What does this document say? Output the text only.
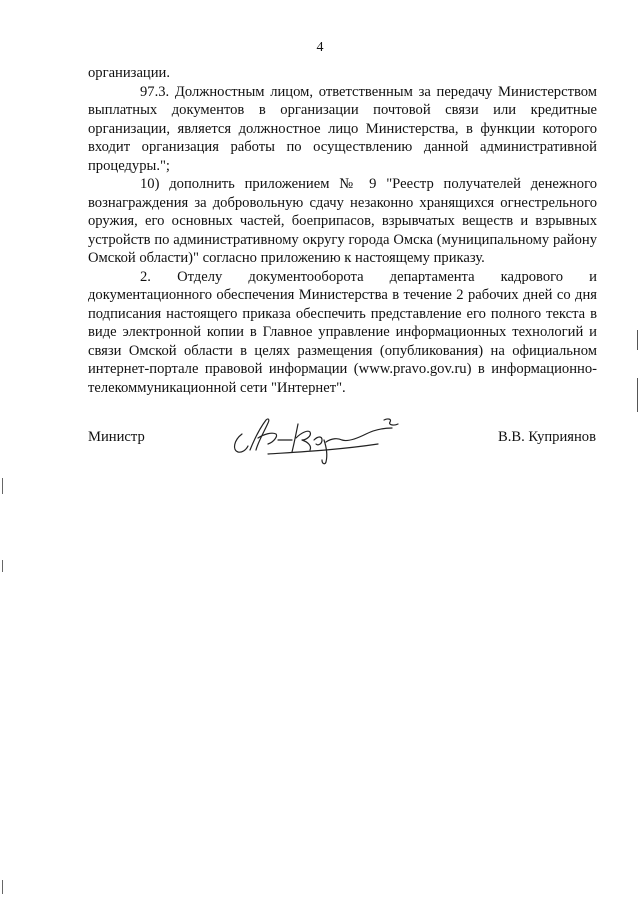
4

организации.

97.3. Должностным лицом, ответственным за передачу Министерством выплатных документов в организации почтовой связи или кредитные организации, является должностное лицо Министерства, в функции которого входит организация работы по осуществлению данной административной процедуры.";

10) дополнить приложением № 9 "Реестр получателей денежного вознаграждения за добровольную сдачу незаконно хранящихся огнестрельного оружия, его основных частей, боеприпасов, взрывчатых веществ и взрывных устройств по административному округу города Омска (муниципальному району Омской области)" согласно приложению к настоящему приказу.

2. Отделу документооборота департамента кадрового и документационного обеспечения Министерства в течение 2 рабочих дней со дня подписания настоящего приказа обеспечить представление его полного текста в виде электронной копии в Главное управление информационных технологий и связи Омской области в целях размещения (опубликования) на официальном интернет-портале правовой информации (www.pravo.gov.ru) в информационно-телекоммуникационной сети "Интернет".

Министр	В.В. Куприянов
